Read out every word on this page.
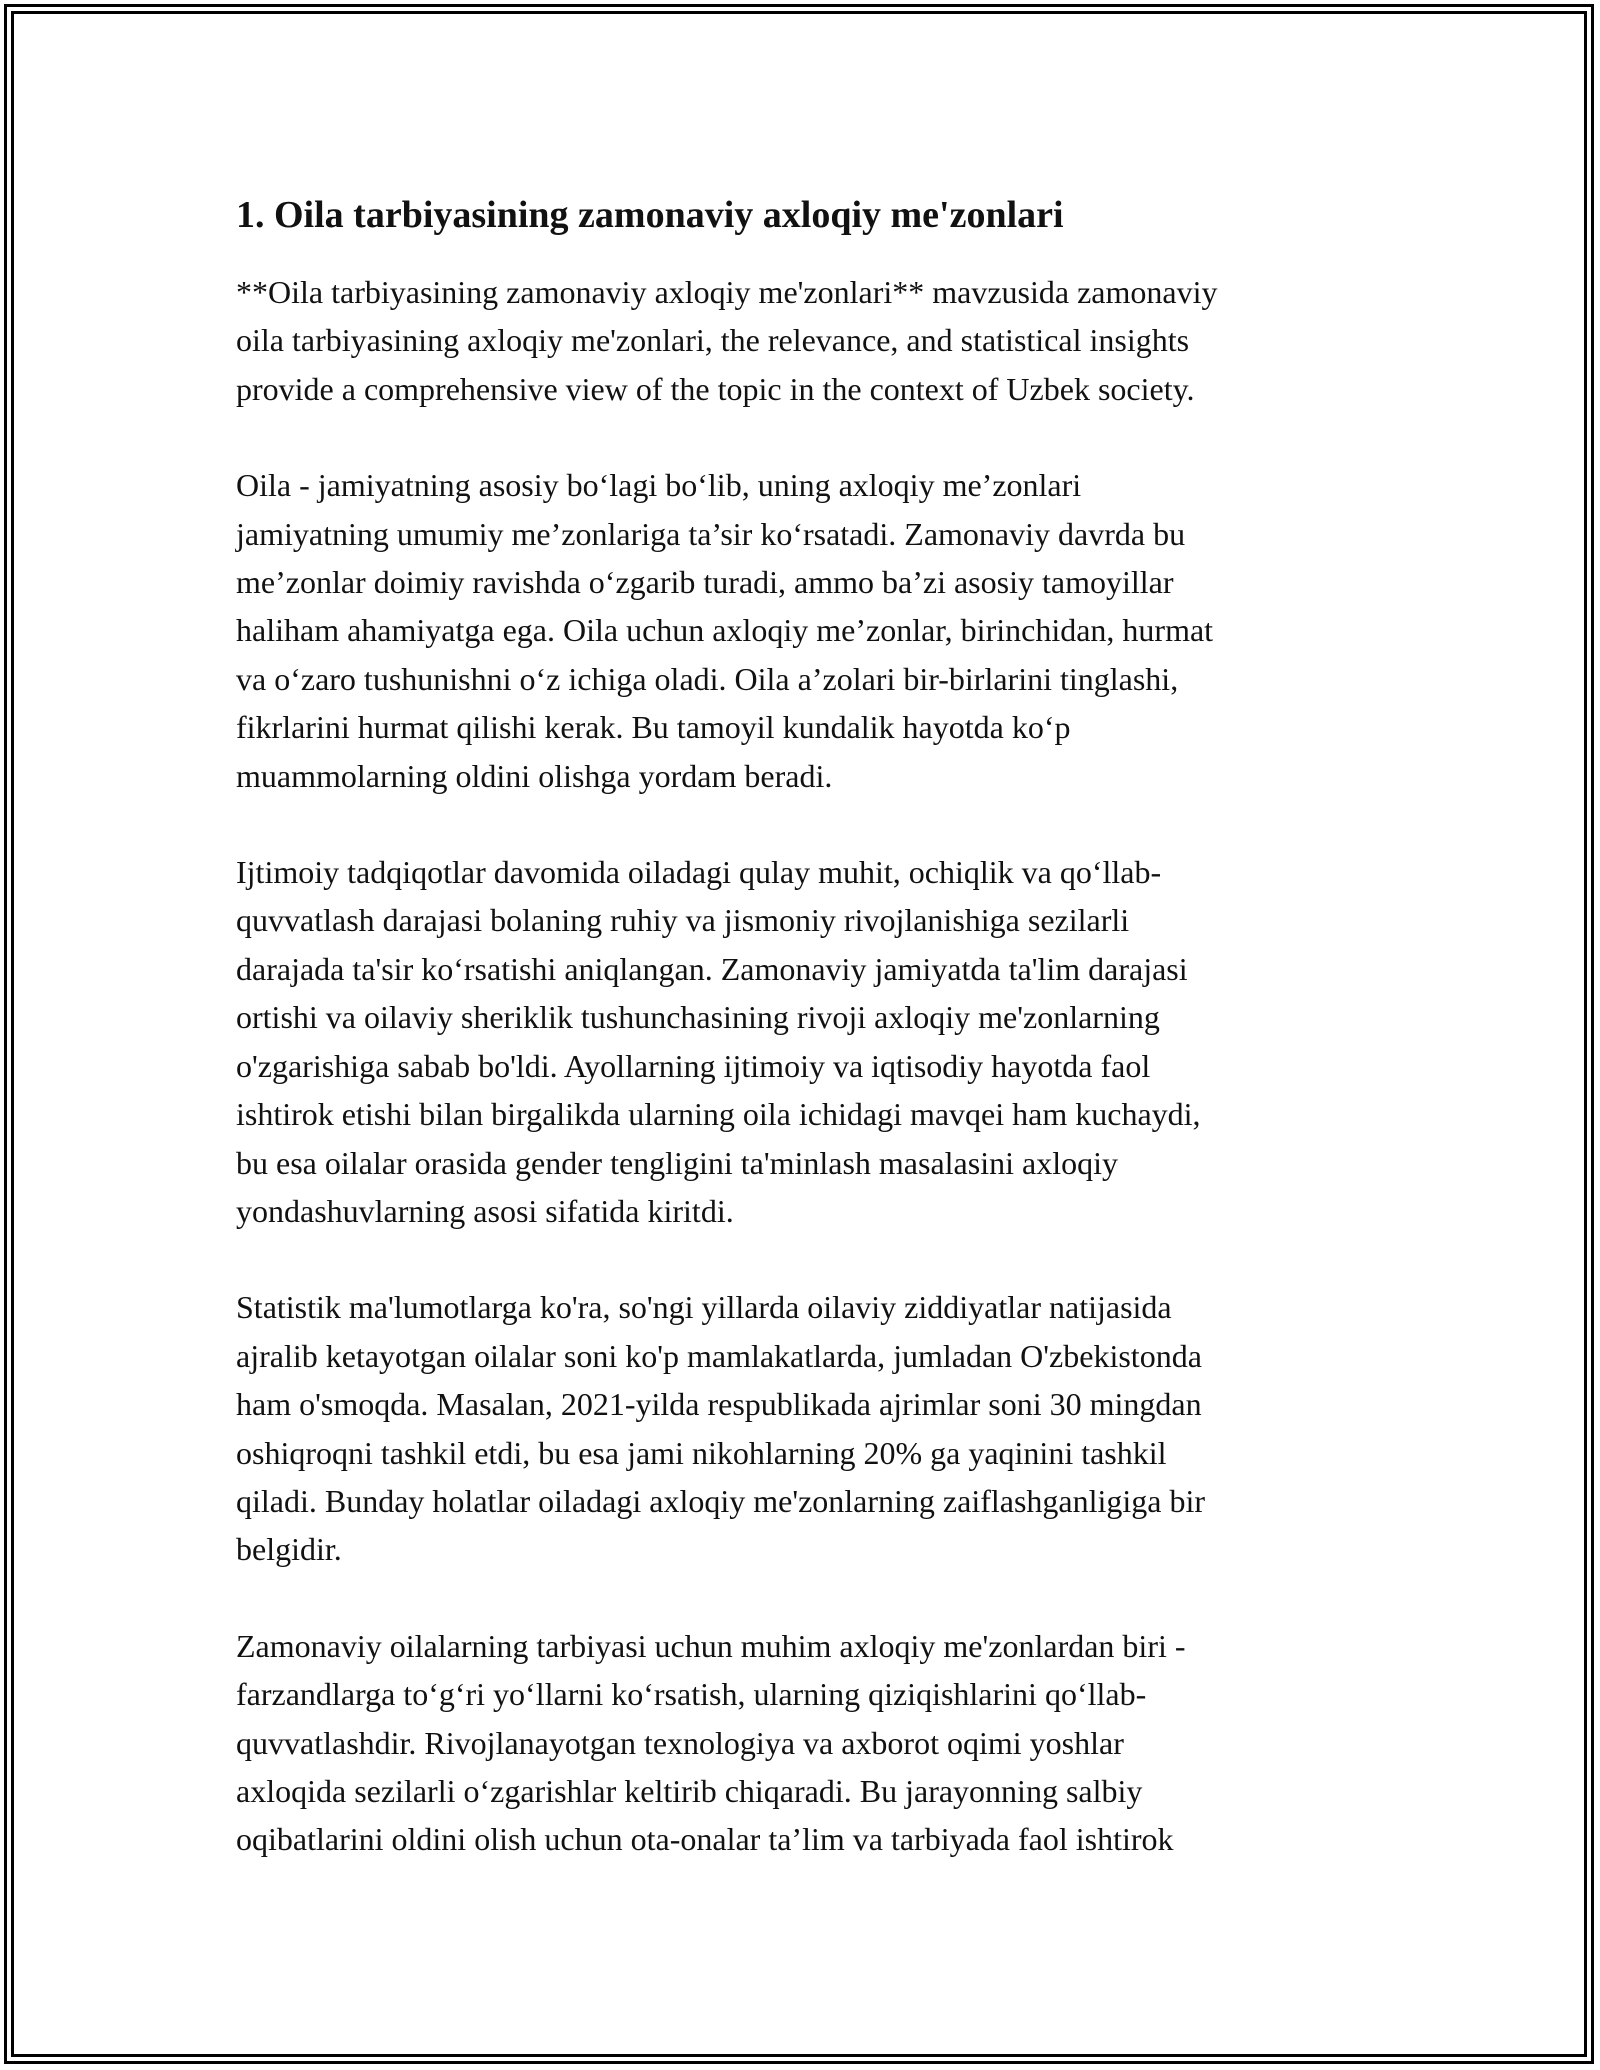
1. Oila tarbiyasining zamonaviy axloqiy me'zonlari

**Oila tarbiyasining zamonaviy axloqiy me'zonlari** mavzusida zamonaviy
oila tarbiyasining axloqiy me'zonlari, the relevance, and statistical insights
provide a comprehensive view of the topic in the context of Uzbek society.

Oila - jamiyatning asosiy bo‘lagi bo‘lib, uning axloqiy me’zonlari
jamiyatning umumiy me’zonlariga ta’sir ko‘rsatadi. Zamonaviy davrda bu
me’zonlar doimiy ravishda o‘zgarib turadi, ammo ba’zi asosiy tamoyillar
haliham ahamiyatga ega. Oila uchun axloqiy me’zonlar, birinchidan, hurmat
va o‘zaro tushunishni o‘z ichiga oladi. Oila a’zolari bir-birlarini tinglashi,
fikrlarini hurmat qilishi kerak. Bu tamoyil kundalik hayotda ko‘p
muammolarning oldini olishga yordam beradi.

Ijtimoiy tadqiqotlar davomida oiladagi qulay muhit, ochiqlik va qo‘llab-
quvvatlash darajasi bolaning ruhiy va jismoniy rivojlanishiga sezilarli
darajada ta'sir ko‘rsatishi aniqlangan. Zamonaviy jamiyatda ta'lim darajasi
ortishi va oilaviy sheriklik tushunchasining rivoji axloqiy me'zonlarning
o'zgarishiga sabab bo'ldi. Ayollarning ijtimoiy va iqtisodiy hayotda faol
ishtirok etishi bilan birgalikda ularning oila ichidagi mavqei ham kuchaydi,
bu esa oilalar orasida gender tengligini ta'minlash masalasini axloqiy
yondashuvlarning asosi sifatida kiritdi.

Statistik ma'lumotlarga ko'ra, so'ngi yillarda oilaviy ziddiyatlar natijasida
ajralib ketayotgan oilalar soni ko'p mamlakatlarda, jumladan O'zbekistonda
ham o'smoqda. Masalan, 2021-yilda respublikada ajrimlar soni 30 mingdan
oshiqroqni tashkil etdi, bu esa jami nikohlarning 20% ga yaqinini tashkil
qiladi. Bunday holatlar oiladagi axloqiy me'zonlarning zaiflashganligiga bir
belgidir.

Zamonaviy oilalarning tarbiyasi uchun muhim axloqiy me'zonlardan biri -
farzandlarga to‘g‘ri yo‘llarni ko‘rsatish, ularning qiziqishlarini qo‘llab-
quvvatlashdir. Rivojlanayotgan texnologiya va axborot oqimi yoshlar
axloqida sezilarli o‘zgarishlar keltirib chiqaradi. Bu jarayonning salbiy
oqibatlarini oldini olish uchun ota-onalar ta’lim va tarbiyada faol ishtirok
